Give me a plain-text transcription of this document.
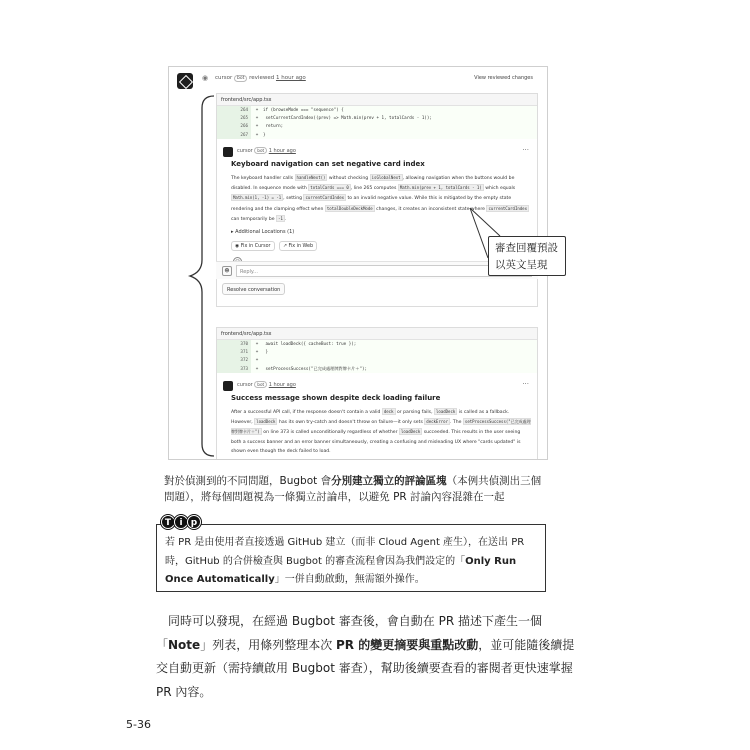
◉ cursor bot reviewed 1 hour ago	View reviewed changes
frontend/src/app.tsx
264 + if (browseMode === "sequence") {
265 + setCurrentCardIndex((prev) => Math.min(prev + 1, totalCards - 1));
266 + return;
267 + }
cursor bot 1 hour ago	···
Keyboard navigation can set negative card index
The keyboard handler calls handleNext() without checking isGlobalNext , allowing navigation when the buttons would be disabled. In sequence mode with totalCards === 0 , line 265 computes Math.min(prev + 1, totalCards - 1) which equals Math.min(1, -1) = -1 , setting currentCardIndex to an invalid negative value. While this is mitigated by the empty state rendering and the clamping effect when totalDoubleDeckMode changes, it creates an inconsistent state where currentCardIndex can temporarily be -1 .
▸ Additional Locations (1)
◉ Fix in Cursor	↗ Fix in Web
☻	Reply...
Resolve conversation
frontend/src/app.tsx
370 + await loadDeck({ cacheBust: true });
371 + }
372 +
373 + setProcessSuccess("已完成處理牌對牌卡片＋");
cursor bot 1 hour ago	···
Success message shown despite deck loading failure
After a successful API call, if the response doesn't contain a valid deck or parsing fails, loadDeck is called as a fallback. However, loadDeck has its own try-catch and doesn't throw on failure—it only sets deckError . The setProcessSuccess("已完成處理牌對牌卡片＋") on line 373 is called unconditionally regardless of whether loadDeck succeeded. This results in the user seeing both a success banner and an error banner simultaneously, creating a confusing and misleading UX where "cards updated" is shown even though the deck failed to load.
審查回覆預設
以英文呈現
對於偵測到的不同問題，Bugbot 會分別建立獨立的評論區塊（本例共偵測出三個問題），將每個問題視為一條獨立討論串，以避免 PR 討論內容混雜在一起
T i p
若 PR 是由使用者直接透過 GitHub 建立（而非 Cloud Agent 產生），在送出 PR 時，GitHub 的合併檢查與 Bugbot 的審查流程會因為我們設定的「Only Run Once Automatically」一併自動啟動，無需額外操作。

　同時可以發現，在經過 Bugbot 審查後，會自動在 PR 描述下產生一個「Note」列表，用條列整理本次 PR 的變更摘要與重點改動，並可能隨後續提交自動更新（需持續啟用 Bugbot 審查），幫助後續要查看的審閱者更快速掌握 PR 內容。

5-36
